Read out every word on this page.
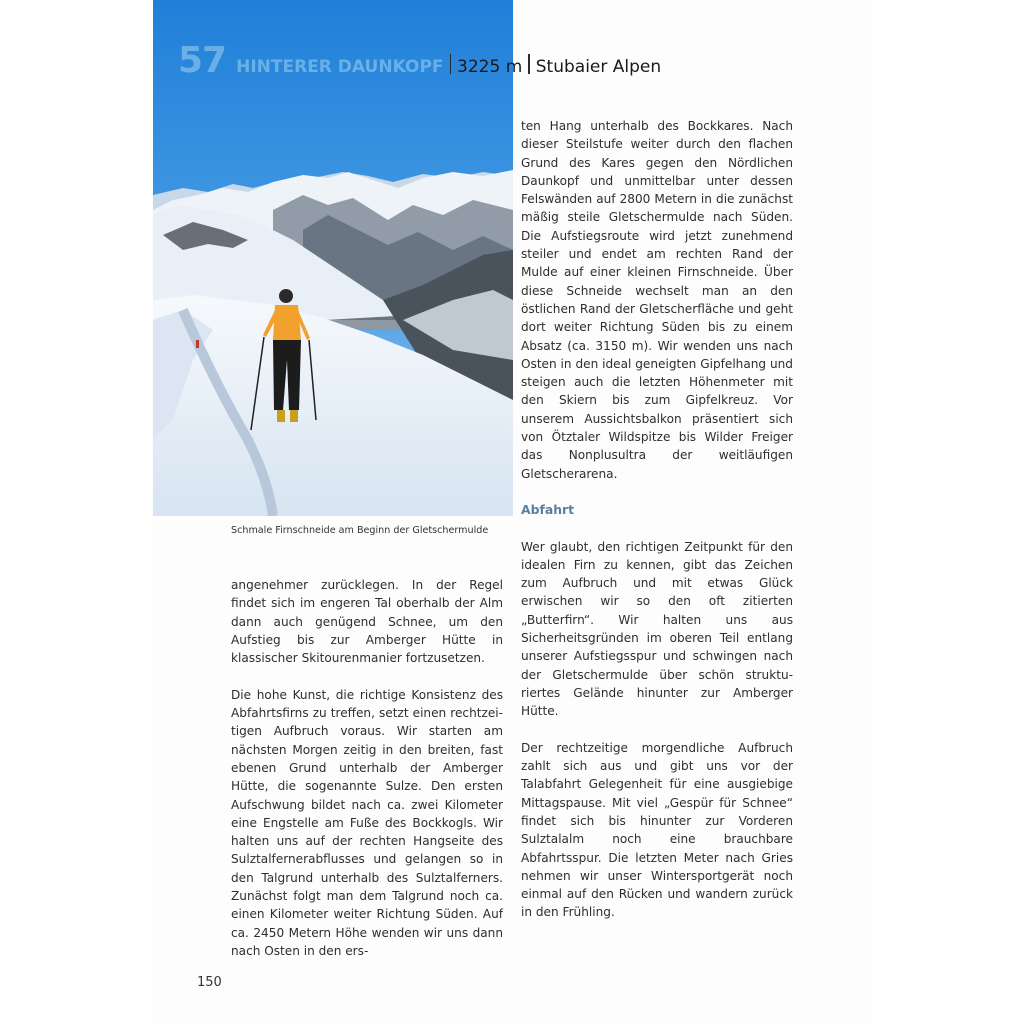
57 HINTERER DAUNKOPF 3225 m Stubaier Alpen
Schmale Firnschneide am Beginn der Gletschermulde

angenehmer zurücklegen. In der Regel findet sich im engeren Tal oberhalb der Alm dann auch genügend Schnee, um den Aufstieg bis zur Amberger Hütte in klassischer Skitourenmanier fortzusetzen.

Die hohe Kunst, die richtige Konsistenz des Abfahrtsfirns zu treffen, setzt einen rechtzeitigen Aufbruch voraus. Wir starten am nächsten Morgen zeitig in den breiten, fast ebenen Grund unterhalb der Amberger Hütte, die sogenannte Sulze. Den ersten Aufschwung bildet nach ca. zwei Kilometer eine Engstelle am Fuße des Bockkogls. Wir halten uns auf der rechten Hangseite des Sulztalfernerabflusses und gelangen so in den Talgrund unterhalb des Sulztalferners. Zunächst folgt man dem Talgrund noch ca. einen Kilometer weiter Richtung Süden. Auf ca. 2450 Metern Höhe wenden wir uns dann nach Osten in den ers-

ten Hang unterhalb des Bockkares. Nach dieser Steilstufe weiter durch den flachen Grund des Kares gegen den Nördlichen Daunkopf und unmittelbar unter dessen Felswänden auf 2800 Metern in die zunächst mäßig steile Gletschermulde nach Süden. Die Aufstiegsroute wird jetzt zunehmend steiler und endet am rechten Rand der Mulde auf einer kleinen Firnschneide. Über diese Schneide wechselt man an den östlichen Rand der Gletscherfläche und geht dort weiter Richtung Süden bis zu einem Absatz (ca. 3150 m). Wir wenden uns nach Osten in den ideal geneigten Gipfelhang und steigen auch die letzten Höhenmeter mit den Skiern bis zum Gipfelkreuz. Vor unserem Aussichtsbalkon präsentiert sich von Ötztaler Wildspitze bis Wilder Freiger das Nonplusultra der weitläufigen Gletscherarena.

Abfahrt

Wer glaubt, den richtigen Zeitpunkt für den idealen Firn zu kennen, gibt das Zeichen zum Aufbruch und mit etwas Glück erwischen wir so den oft zitierten „Butterfirn“. Wir halten uns aus Sicherheitsgründen im oberen Teil entlang unserer Aufstiegsspur und schwingen nach der Gletschermulde über schön strukturiertes Gelände hinunter zur Amberger Hütte.

Der rechtzeitige morgendliche Aufbruch zahlt sich aus und gibt uns vor der Talabfahrt Gelegenheit für eine ausgiebige Mittagspause. Mit viel „Gespür für Schnee“ findet sich bis hinunter zur Vorderen Sulztalalm noch eine brauchbare Abfahrtsspur. Die letzten Meter nach Gries nehmen wir unser Wintersportgerät noch einmal auf den Rücken und wandern zurück in den Frühling.

150
